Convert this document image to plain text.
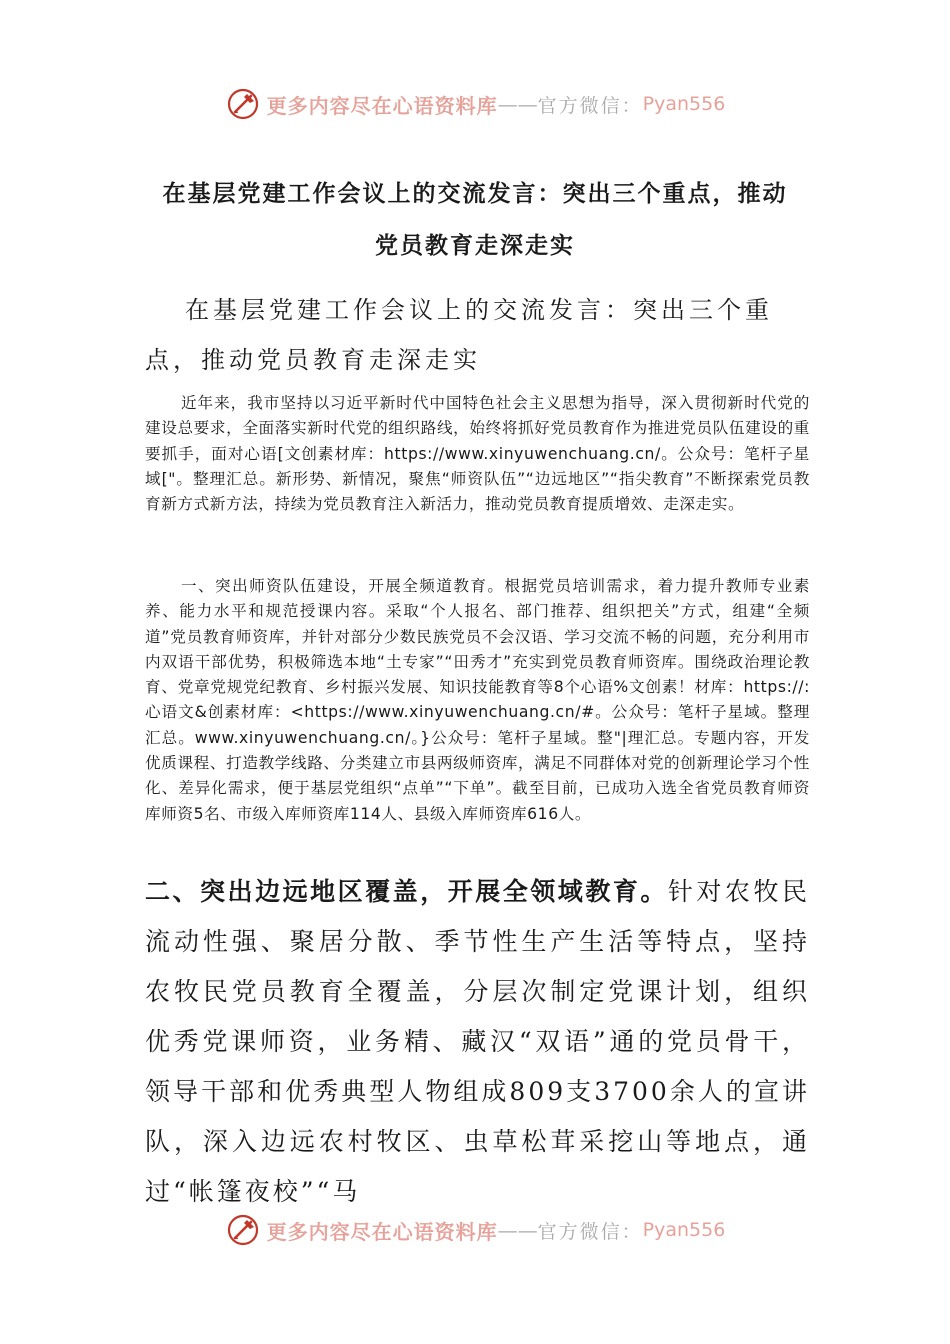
更多内容尽在心语资料库 —— 官方微信： Pyan556
在基层党建工作会议上的交流发言：突出三个重点，推动
党员教育走深走实
在基层党建工作会议上的交流发言：突出三个重点，推动党员教育走深走实
近年来，我市坚持以习近平新时代中国特色社会主义思想为指导，深入贯彻新时代党的建设总要求，全面落实新时代党的组织路线，始终将抓好党员教育作为推进党员队伍建设的重要抓手，面对心语[文创素材库：https://www.xinyuwenchuang.cn/。公众号：笔杆子星域["。整理汇总。新形势、新情况，聚焦“师资队伍”“边远地区”“指尖教育”不断探索党员教育新方式新方法，持续为党员教育注入新活力，推动党员教育提质增效、走深走实。
一、突出师资队伍建设，开展全频道教育。根据党员培训需求，着力提升教师专业素养、能力水平和规范授课内容。采取“个人报名、部门推荐、组织把关”方式，组建“全频道”党员教育师资库，并针对部分少数民族党员不会汉语、学习交流不畅的问题，充分利用市内双语干部优势，积极筛选本地“土专家”“田秀才”充实到党员教育师资库。围绕政治理论教育、党章党规党纪教育、乡村振兴发展、知识技能教育等8个心语%文创素！材库：https://:心语文&创素材库：<https://www.xinyuwenchuang.cn/#。公众号：笔杆子星域。整理汇总。www.xinyuwenchuang.cn/。}公众号：笔杆子星域。整"|理汇总。专题内容，开发优质课程、打造教学线路、分类建立市县两级师资库，满足不同群体对党的创新理论学习个性化、差异化需求，便于基层党组织“点单”“下单”。截至目前，已成功入选全省党员教育师资库师资5名、市级入库师资库114人、县级入库师资库616人。
二、突出边远地区覆盖，开展全领域教育。针对农牧民流动性强、聚居分散、季节性生产生活等特点，坚持农牧民党员教育全覆盖，分层次制定党课计划，组织优秀党课师资，业务精、藏汉“双语”通的党员骨干，领导干部和优秀典型人物组成809支3700余人的宣讲队，深入边远农村牧区、虫草松茸采挖山等地点，通过“帐篷夜校”“马
更多内容尽在心语资料库 —— 官方微信： Pyan556
